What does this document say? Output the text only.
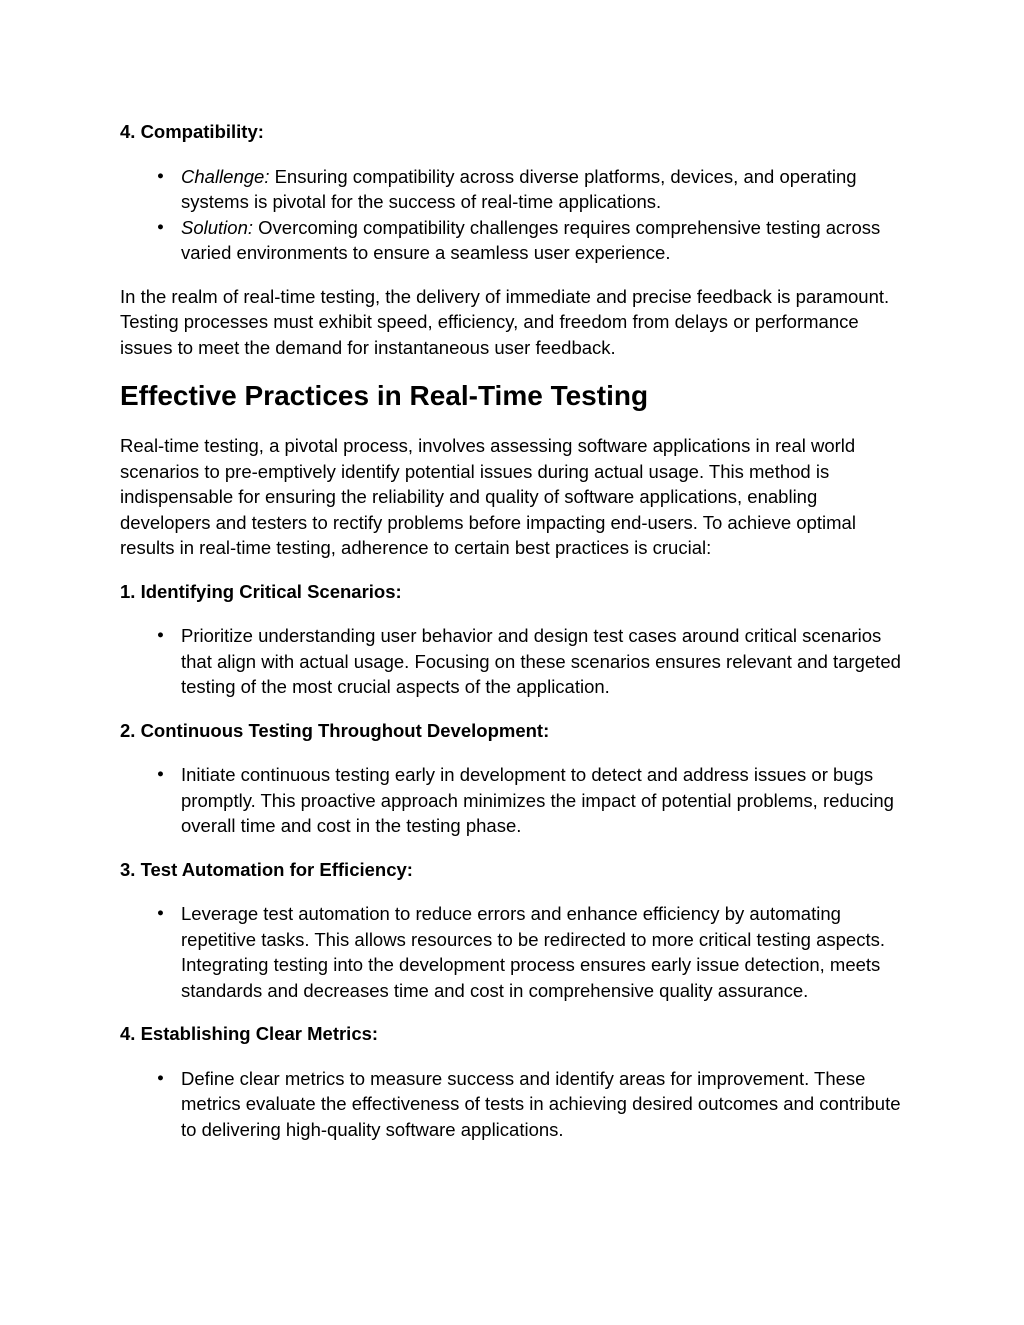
4. Compatibility:
● Challenge: Ensuring compatibility across diverse platforms, devices, and operating systems is pivotal for the success of real-time applications.
● Solution: Overcoming compatibility challenges requires comprehensive testing across varied environments to ensure a seamless user experience.

In the realm of real-time testing, the delivery of immediate and precise feedback is paramount. Testing processes must exhibit speed, efficiency, and freedom from delays or performance issues to meet the demand for instantaneous user feedback.

Effective Practices in Real-Time Testing

Real-time testing, a pivotal process, involves assessing software applications in real world scenarios to pre-emptively identify potential issues during actual usage. This method is indispensable for ensuring the reliability and quality of software applications, enabling developers and testers to rectify problems before impacting end-users. To achieve optimal results in real-time testing, adherence to certain best practices is crucial:

1. Identifying Critical Scenarios:
● Prioritize understanding user behavior and design test cases around critical scenarios that align with actual usage. Focusing on these scenarios ensures relevant and targeted testing of the most crucial aspects of the application.
2. Continuous Testing Throughout Development:
● Initiate continuous testing early in development to detect and address issues or bugs promptly. This proactive approach minimizes the impact of potential problems, reducing overall time and cost in the testing phase.
3. Test Automation for Efficiency:
● Leverage test automation to reduce errors and enhance efficiency by automating repetitive tasks. This allows resources to be redirected to more critical testing aspects. Integrating testing into the development process ensures early issue detection, meets standards and decreases time and cost in comprehensive quality assurance.
4. Establishing Clear Metrics:
● Define clear metrics to measure success and identify areas for improvement. These metrics evaluate the effectiveness of tests in achieving desired outcomes and contribute to delivering high-quality software applications.
